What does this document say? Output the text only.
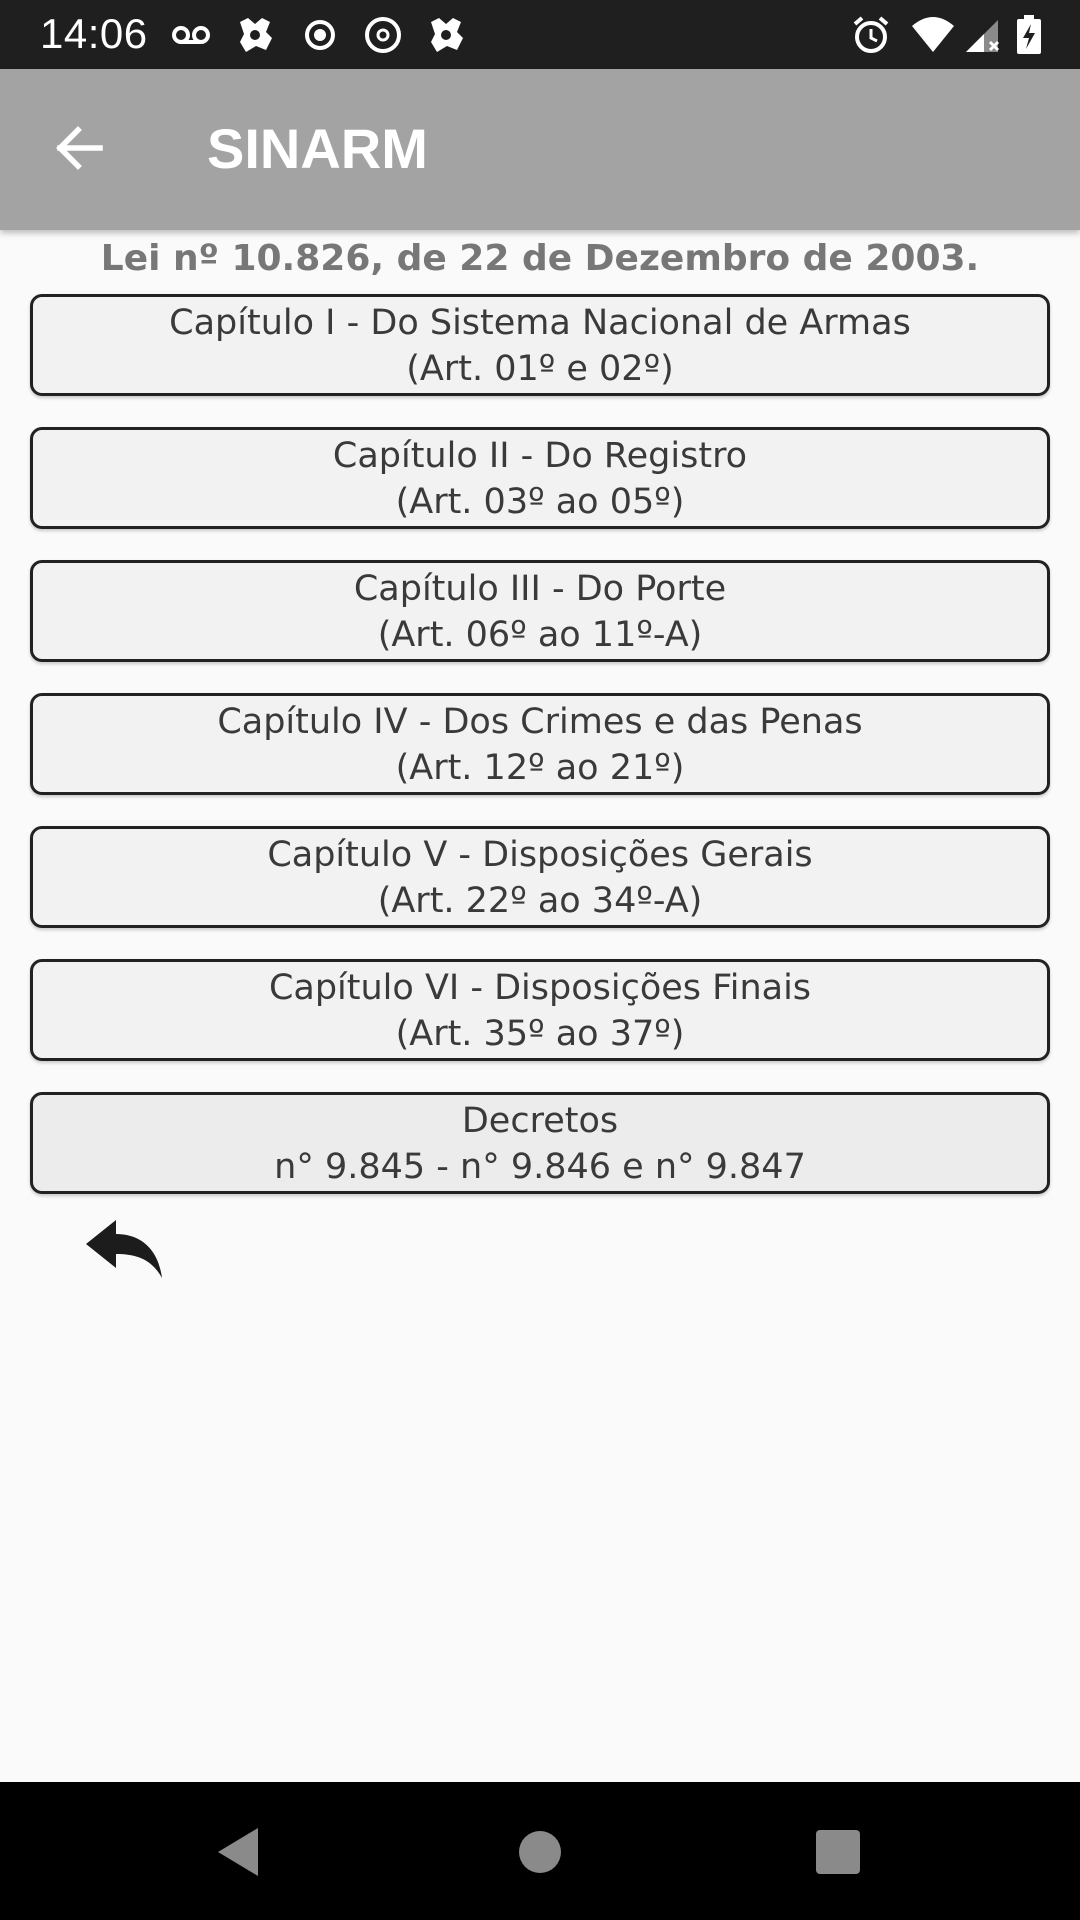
14:06
SINARM
Lei nº 10.826, de 22 de Dezembro de 2003.
Capítulo I - Do Sistema Nacional de Armas
(Art. 01º e 02º)
Capítulo II - Do Registro
(Art. 03º ao 05º)
Capítulo III - Do Porte
(Art. 06º ao 11º-A)
Capítulo IV - Dos Crimes e das Penas
(Art. 12º ao 21º)
Capítulo V - Disposições Gerais
(Art. 22º ao 34º-A)
Capítulo VI - Disposições Finais
(Art. 35º ao 37º)
Decretos
n° 9.845 - n° 9.846 e n° 9.847
